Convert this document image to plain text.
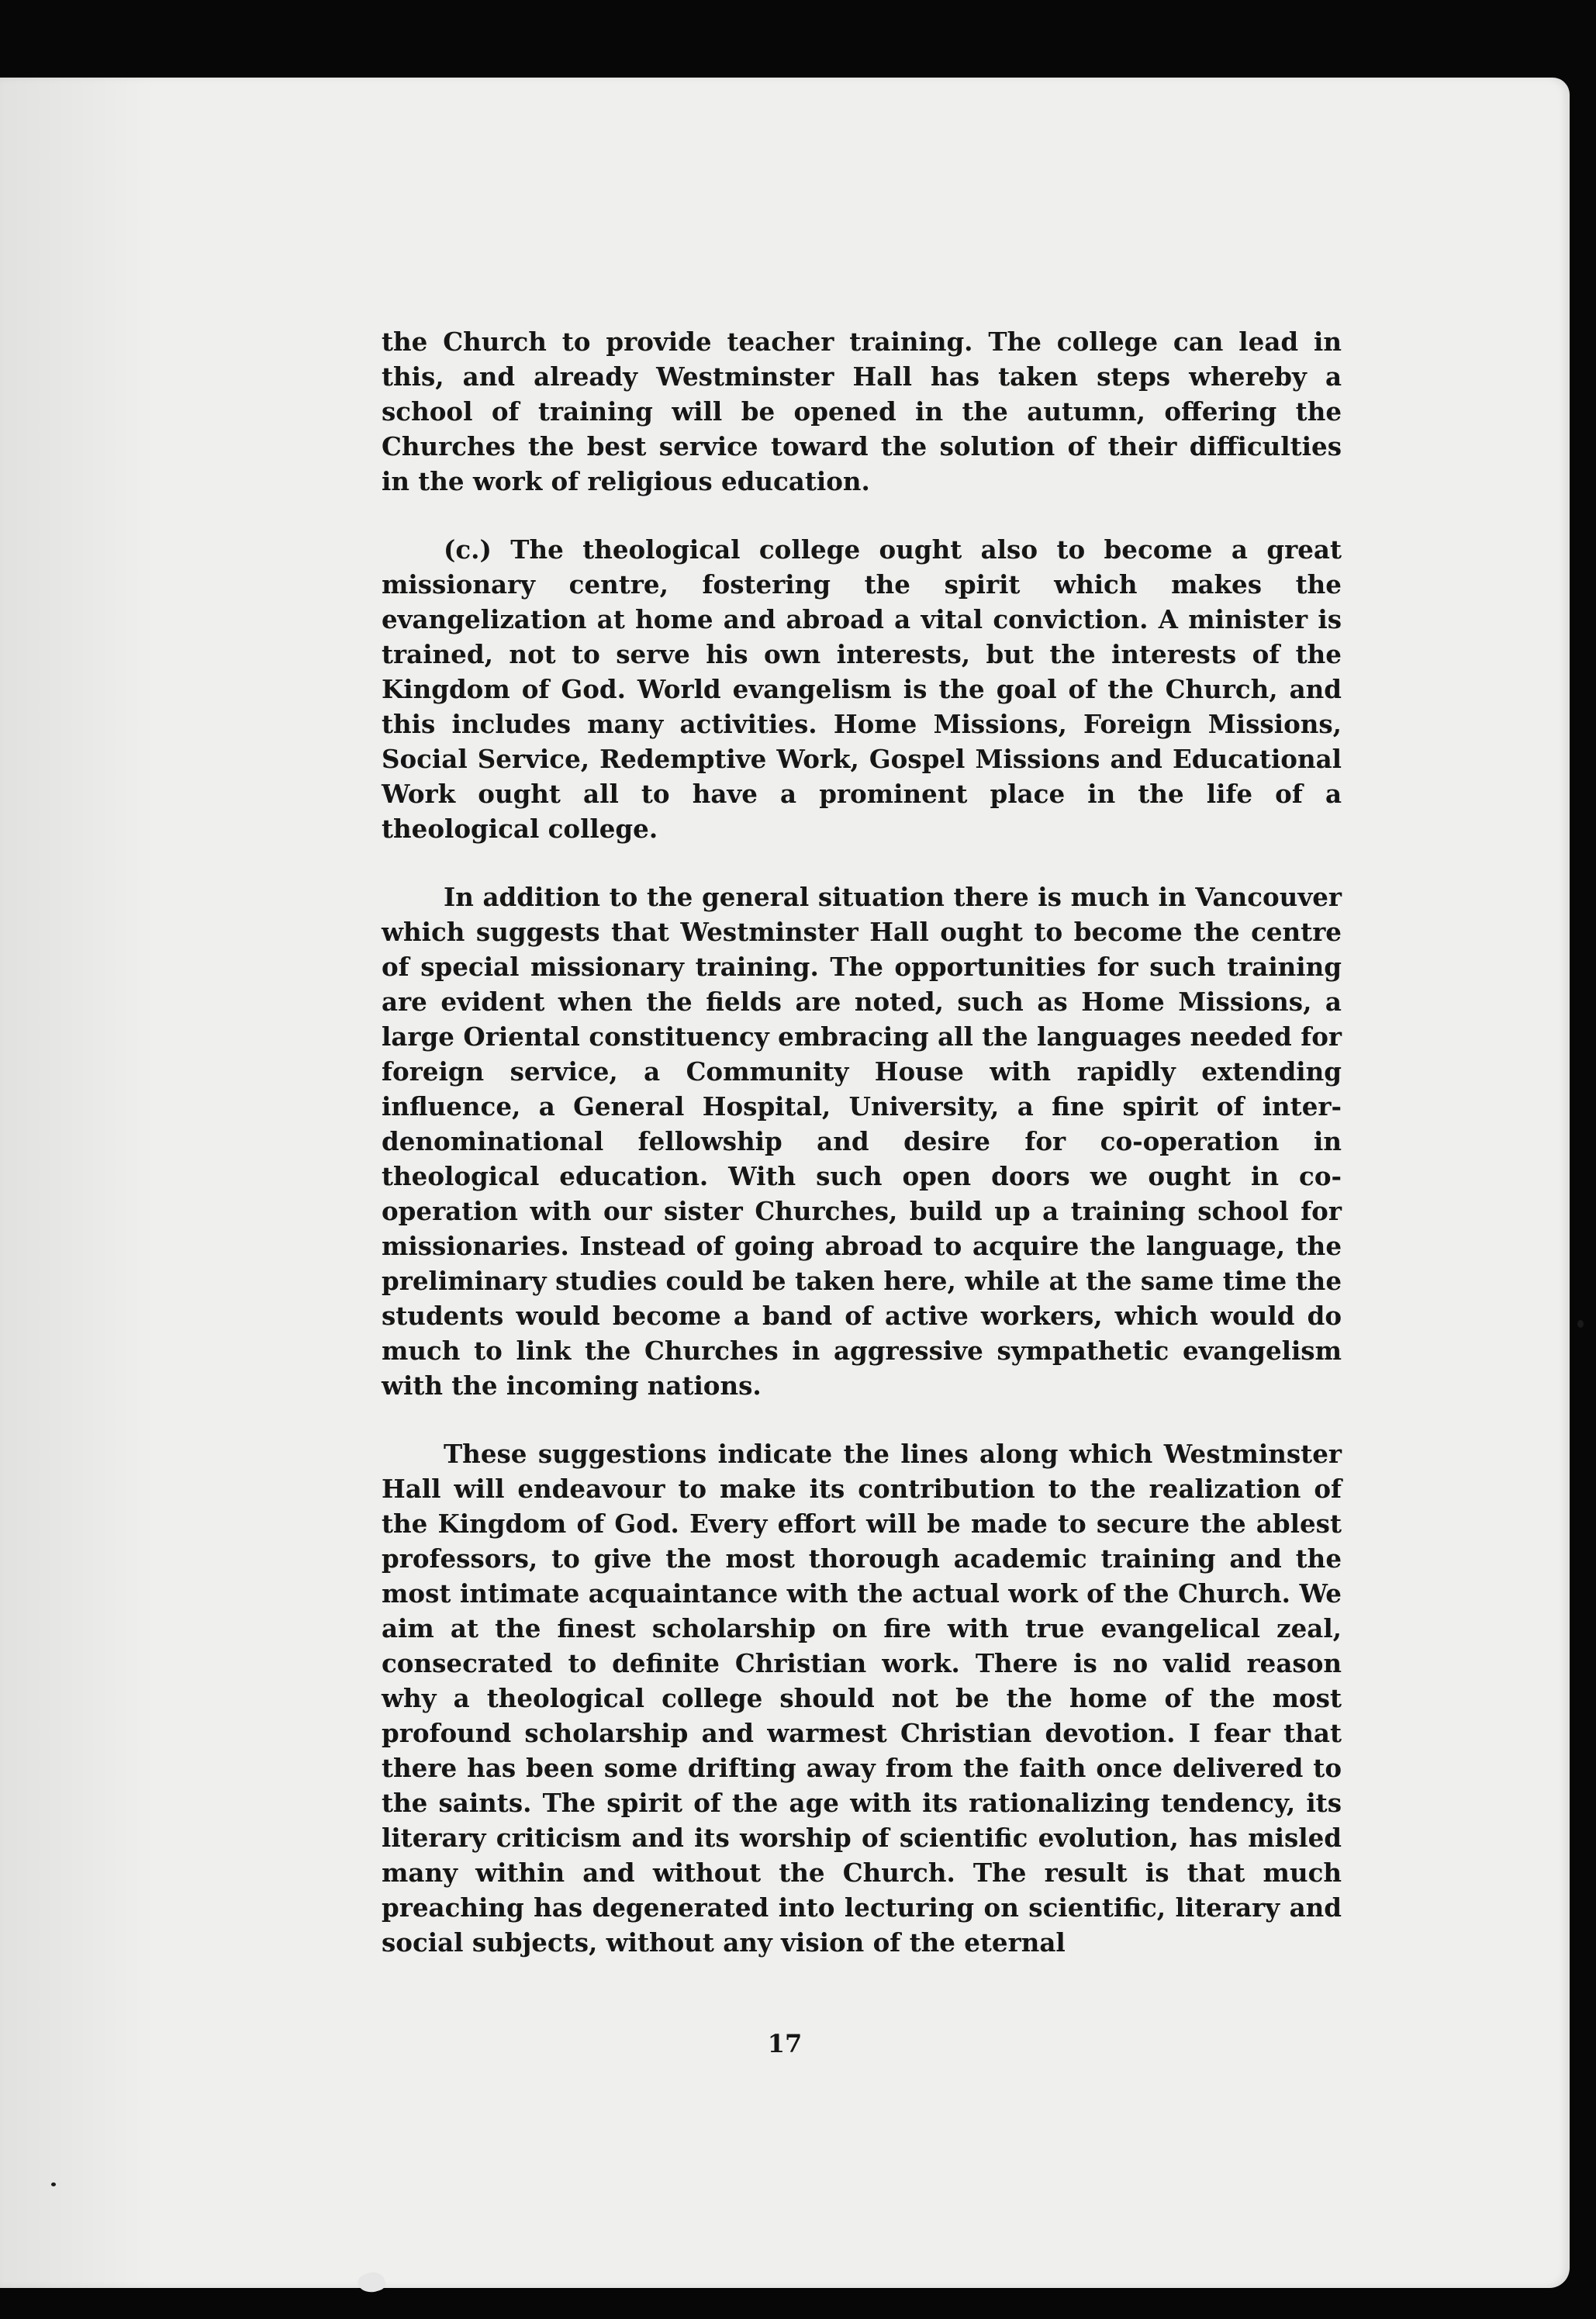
the Church to provide teacher training. The college can lead in this, and already Westminster Hall has taken steps whereby a school of training will be opened in the autumn, offering the Churches the best service toward the solution of their difficulties in the work of religious education.

(c.) The theological college ought also to become a great missionary centre, fostering the spirit which makes the evangelization at home and abroad a vital conviction. A minister is trained, not to serve his own interests, but the interests of the Kingdom of God. World evangelism is the goal of the Church, and this includes many activities. Home Missions, Foreign Missions, Social Service, Redemptive Work, Gospel Missions and Educational Work ought all to have a prominent place in the life of a theological college.

In addition to the general situation there is much in Vancouver which suggests that Westminster Hall ought to become the centre of special missionary training. The opportunities for such training are evident when the fields are noted, such as Home Missions, a large Oriental constituency embracing all the languages needed for foreign service, a Community House with rapidly extending influence, a General Hospital, University, a fine spirit of inter-denominational fellowship and desire for co-operation in theological education. With such open doors we ought in co-operation with our sister Churches, build up a training school for missionaries. Instead of going abroad to acquire the language, the preliminary studies could be taken here, while at the same time the students would become a band of active workers, which would do much to link the Churches in aggressive sympathetic evangelism with the incoming nations.

These suggestions indicate the lines along which Westminster Hall will endeavour to make its contribution to the realization of the Kingdom of God. Every effort will be made to secure the ablest professors, to give the most thorough academic training and the most intimate acquaintance with the actual work of the Church. We aim at the finest scholarship on fire with true evangelical zeal, consecrated to definite Christian work. There is no valid reason why a theological college should not be the home of the most profound scholarship and warmest Christian devotion. I fear that there has been some drifting away from the faith once delivered to the saints. The spirit of the age with its rationalizing tendency, its literary criticism and its worship of scientific evolution, has misled many within and without the Church. The result is that much preaching has degenerated into lecturing on scientific, literary and social subjects, without any vision of the eternal

17
